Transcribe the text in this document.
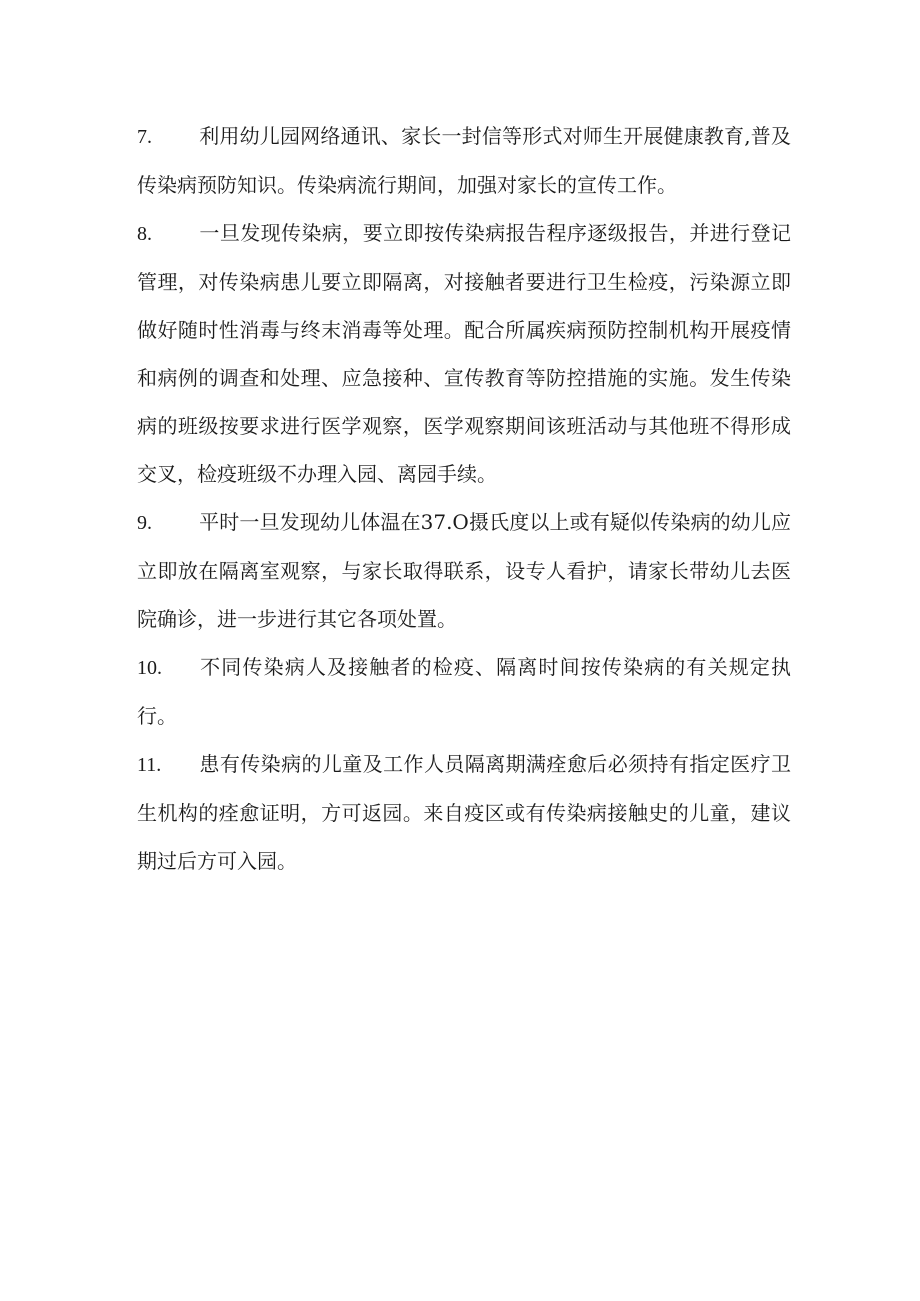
7. 利用幼儿园网络通讯、家长一封信等形式对师生开展健康教育,普及传染病预防知识。传染病流行期间，加强对家长的宣传工作。

8. 一旦发现传染病，要立即按传染病报告程序逐级报告，并进行登记管理，对传染病患儿要立即隔离，对接触者要进行卫生检疫，污染源立即做好随时性消毒与终末消毒等处理。配合所属疾病预防控制机构开展疫情和病例的调查和处理、应急接种、宣传教育等防控措施的实施。发生传染病的班级按要求进行医学观察，医学观察期间该班活动与其他班不得形成交叉，检疫班级不办理入园、离园手续。

9. 平时一旦发现幼儿体温在37.O摄氏度以上或有疑似传染病的幼儿应立即放在隔离室观察，与家长取得联系，设专人看护，请家长带幼儿去医院确诊，进一步进行其它各项处置。

10. 不同传染病人及接触者的检疫、隔离时间按传染病的有关规定执行。

11. 患有传染病的儿童及工作人员隔离期满痊愈后必须持有指定医疗卫生机构的痊愈证明，方可返园。来自疫区或有传染病接触史的儿童，建议期过后方可入园。
